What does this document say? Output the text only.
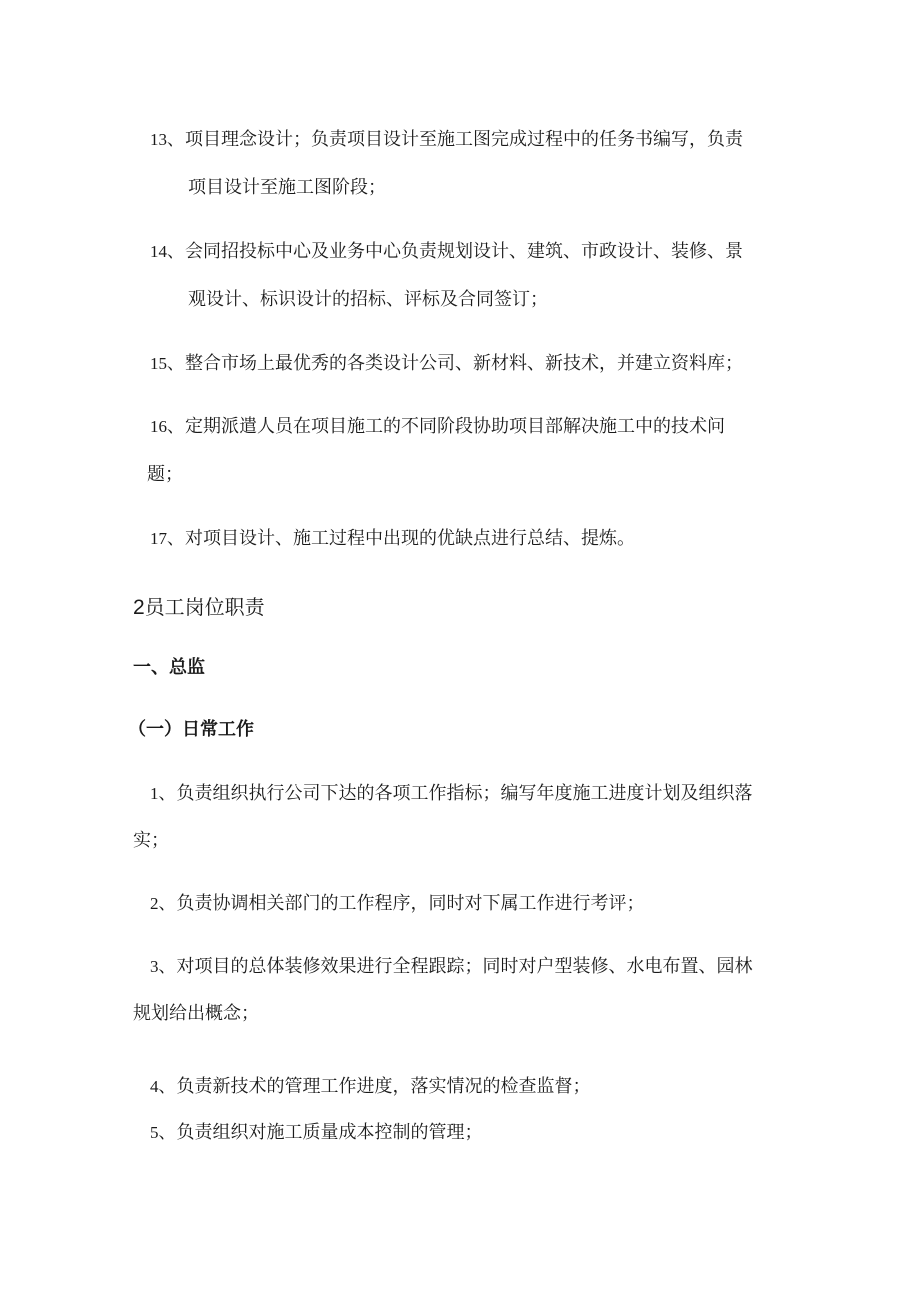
13、项目理念设计；负责项目设计至施工图完成过程中的任务书编写，负责

项目设计至施工图阶段；

14、会同招投标中心及业务中心负责规划设计、建筑、市政设计、装修、景

观设计、标识设计的招标、评标及合同签订；

15、整合市场上最优秀的各类设计公司、新材料、新技术，并建立资料库；

16、定期派遣人员在项目施工的不同阶段协助项目部解决施工中的技术问

题；

17、对项目设计、施工过程中出现的优缺点进行总结、提炼。

2员工岗位职责

一、总监

（一）日常工作

1、负责组织执行公司下达的各项工作指标；编写年度施工进度计划及组织落

实；

2、负责协调相关部门的工作程序，同时对下属工作进行考评；

3、对项目的总体装修效果进行全程跟踪；同时对户型装修、水电布置、园林

规划给出概念；

4、负责新技术的管理工作进度，落实情况的检查监督；

5、负责组织对施工质量成本控制的管理；
